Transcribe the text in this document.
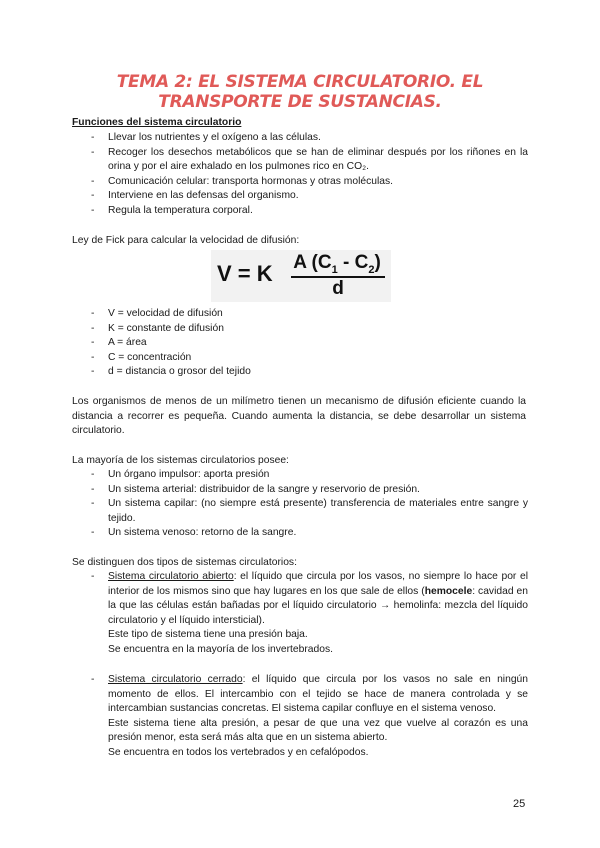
TEMA 2: EL SISTEMA CIRCULATORIO. EL TRANSPORTE DE SUSTANCIAS.
Funciones del sistema circulatorio
- Llevar los nutrientes y el oxígeno a las células.
- Recoger los desechos metabólicos que se han de eliminar después por los riñones en la orina y por el aire exhalado en los pulmones rico en CO₂.
- Comunicación celular: transporta hormonas y otras moléculas.
- Interviene en las defensas del organismo.
- Regula la temperatura corporal.
Ley de Fick para calcular la velocidad de difusión:
V = K A $(C_1 - C_2)$
d
- V = velocidad de difusión
- K = constante de difusión
- A = área
- C = concentración
- d = distancia o grosor del tejido
Los organismos de menos de un milímetro tienen un mecanismo de difusión eficiente cuando la distancia a recorrer es pequeña. Cuando aumenta la distancia, se debe desarrollar un sistema circulatorio.
La mayoría de los sistemas circulatorios posee:
- Un órgano impulsor: aporta presión
- Un sistema arterial: distribuidor de la sangre y reservorio de presión.
- Un sistema capilar: (no siempre está presente) transferencia de materiales entre sangre y tejido.
- Un sistema venoso: retorno de la sangre.
Se distinguen dos tipos de sistemas circulatorios:
- Sistema circulatorio abierto: el líquido que circula por los vasos, no siempre lo hace por el interior de los mismos sino que hay lugares en los que sale de ellos (hemocele: cavidad en la que las células están bañadas por el líquido circulatorio → hemolinfa: mezcla del líquido circulatorio y el líquido intersticial).
Este tipo de sistema tiene una presión baja.
Se encuentra en la mayoría de los invertebrados.
- Sistema circulatorio cerrado: el líquido que circula por los vasos no sale en ningún momento de ellos. El intercambio con el tejido se hace de manera controlada y se intercambian sustancias concretas. El sistema capilar confluye en el sistema venoso.
Este sistema tiene alta presión, a pesar de que una vez que vuelve al corazón es una presión menor, esta será más alta que en un sistema abierto.
Se encuentra en todos los vertebrados y en cefalópodos.
25
